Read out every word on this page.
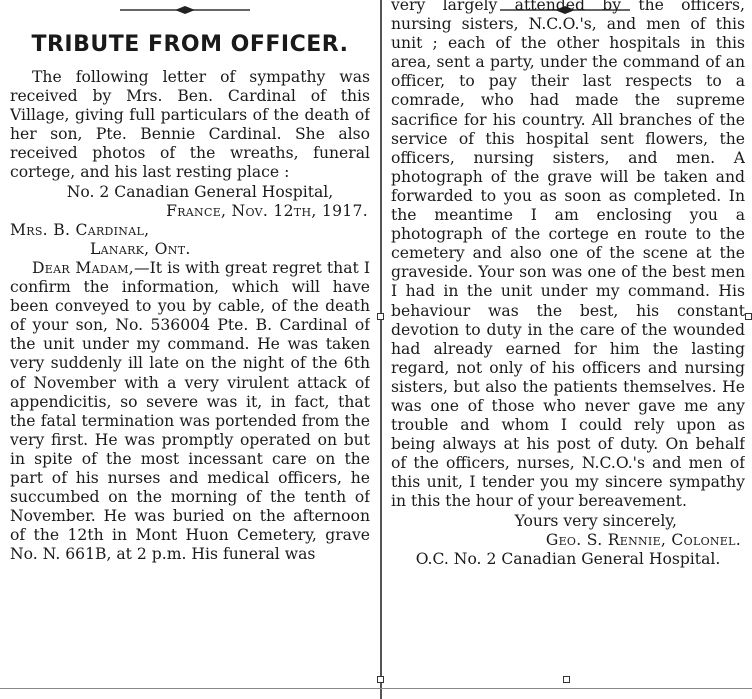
TRIBUTE FROM OFFICER.

The following letter of sympathy was received by Mrs. Ben. Cardinal of this Village, giving full particulars of the death of her son, Pte. Bennie Cardinal. She also received photos of the wreaths, funeral cortege, and his last resting place :

No. 2 Canadian General Hospital,

France, Nov. 12th, 1917.

Mrs. B. Cardinal,

Lanark, Ont.

Dear Madam,—It is with great regret that I confirm the information, which will have been conveyed to you by cable, of the death of your son, No. 536004 Pte. B. Cardinal of the unit under my command. He was taken very suddenly ill late on the night of the 6th of November with a very virulent attack of appendicitis, so severe was it, in fact, that the fatal termination was portended from the very first. He was promptly operated on but in spite of the most incessant care on the part of his nurses and medical officers, he succumbed on the morning of the tenth of November. He was buried on the afternoon of the 12th in Mont Huon Cemetery, grave No. N. 661B, at 2 p.m. His funeral was

very largely attended by the officers, nursing sisters, N.C.O.'s, and men of this unit ; each of the other hospitals in this area, sent a party, under the command of an officer, to pay their last respects to a comrade, who had made the supreme sacrifice for his country. All branches of the service of this hospital sent flowers, the officers, nursing sisters, and men. A photograph of the grave will be taken and forwarded to you as soon as completed. In the meantime I am enclosing you a photograph of the cortege en route to the cemetery and also one of the scene at the graveside. Your son was one of the best men I had in the unit under my command. His behaviour was the best, his constant devotion to duty in the care of the wounded had already earned for him the lasting regard, not only of his officers and nursing sisters, but also the patients themselves. He was one of those who never gave me any trouble and whom I could rely upon as being always at his post of duty. On behalf of the officers, nurses, N.C.O.'s and men of this unit, I tender you my sincere sympathy in this the hour of your bereavement.

Yours very sincerely,

Geo. S. Rennie, Colonel.

O.C. No. 2 Canadian General Hospital.
